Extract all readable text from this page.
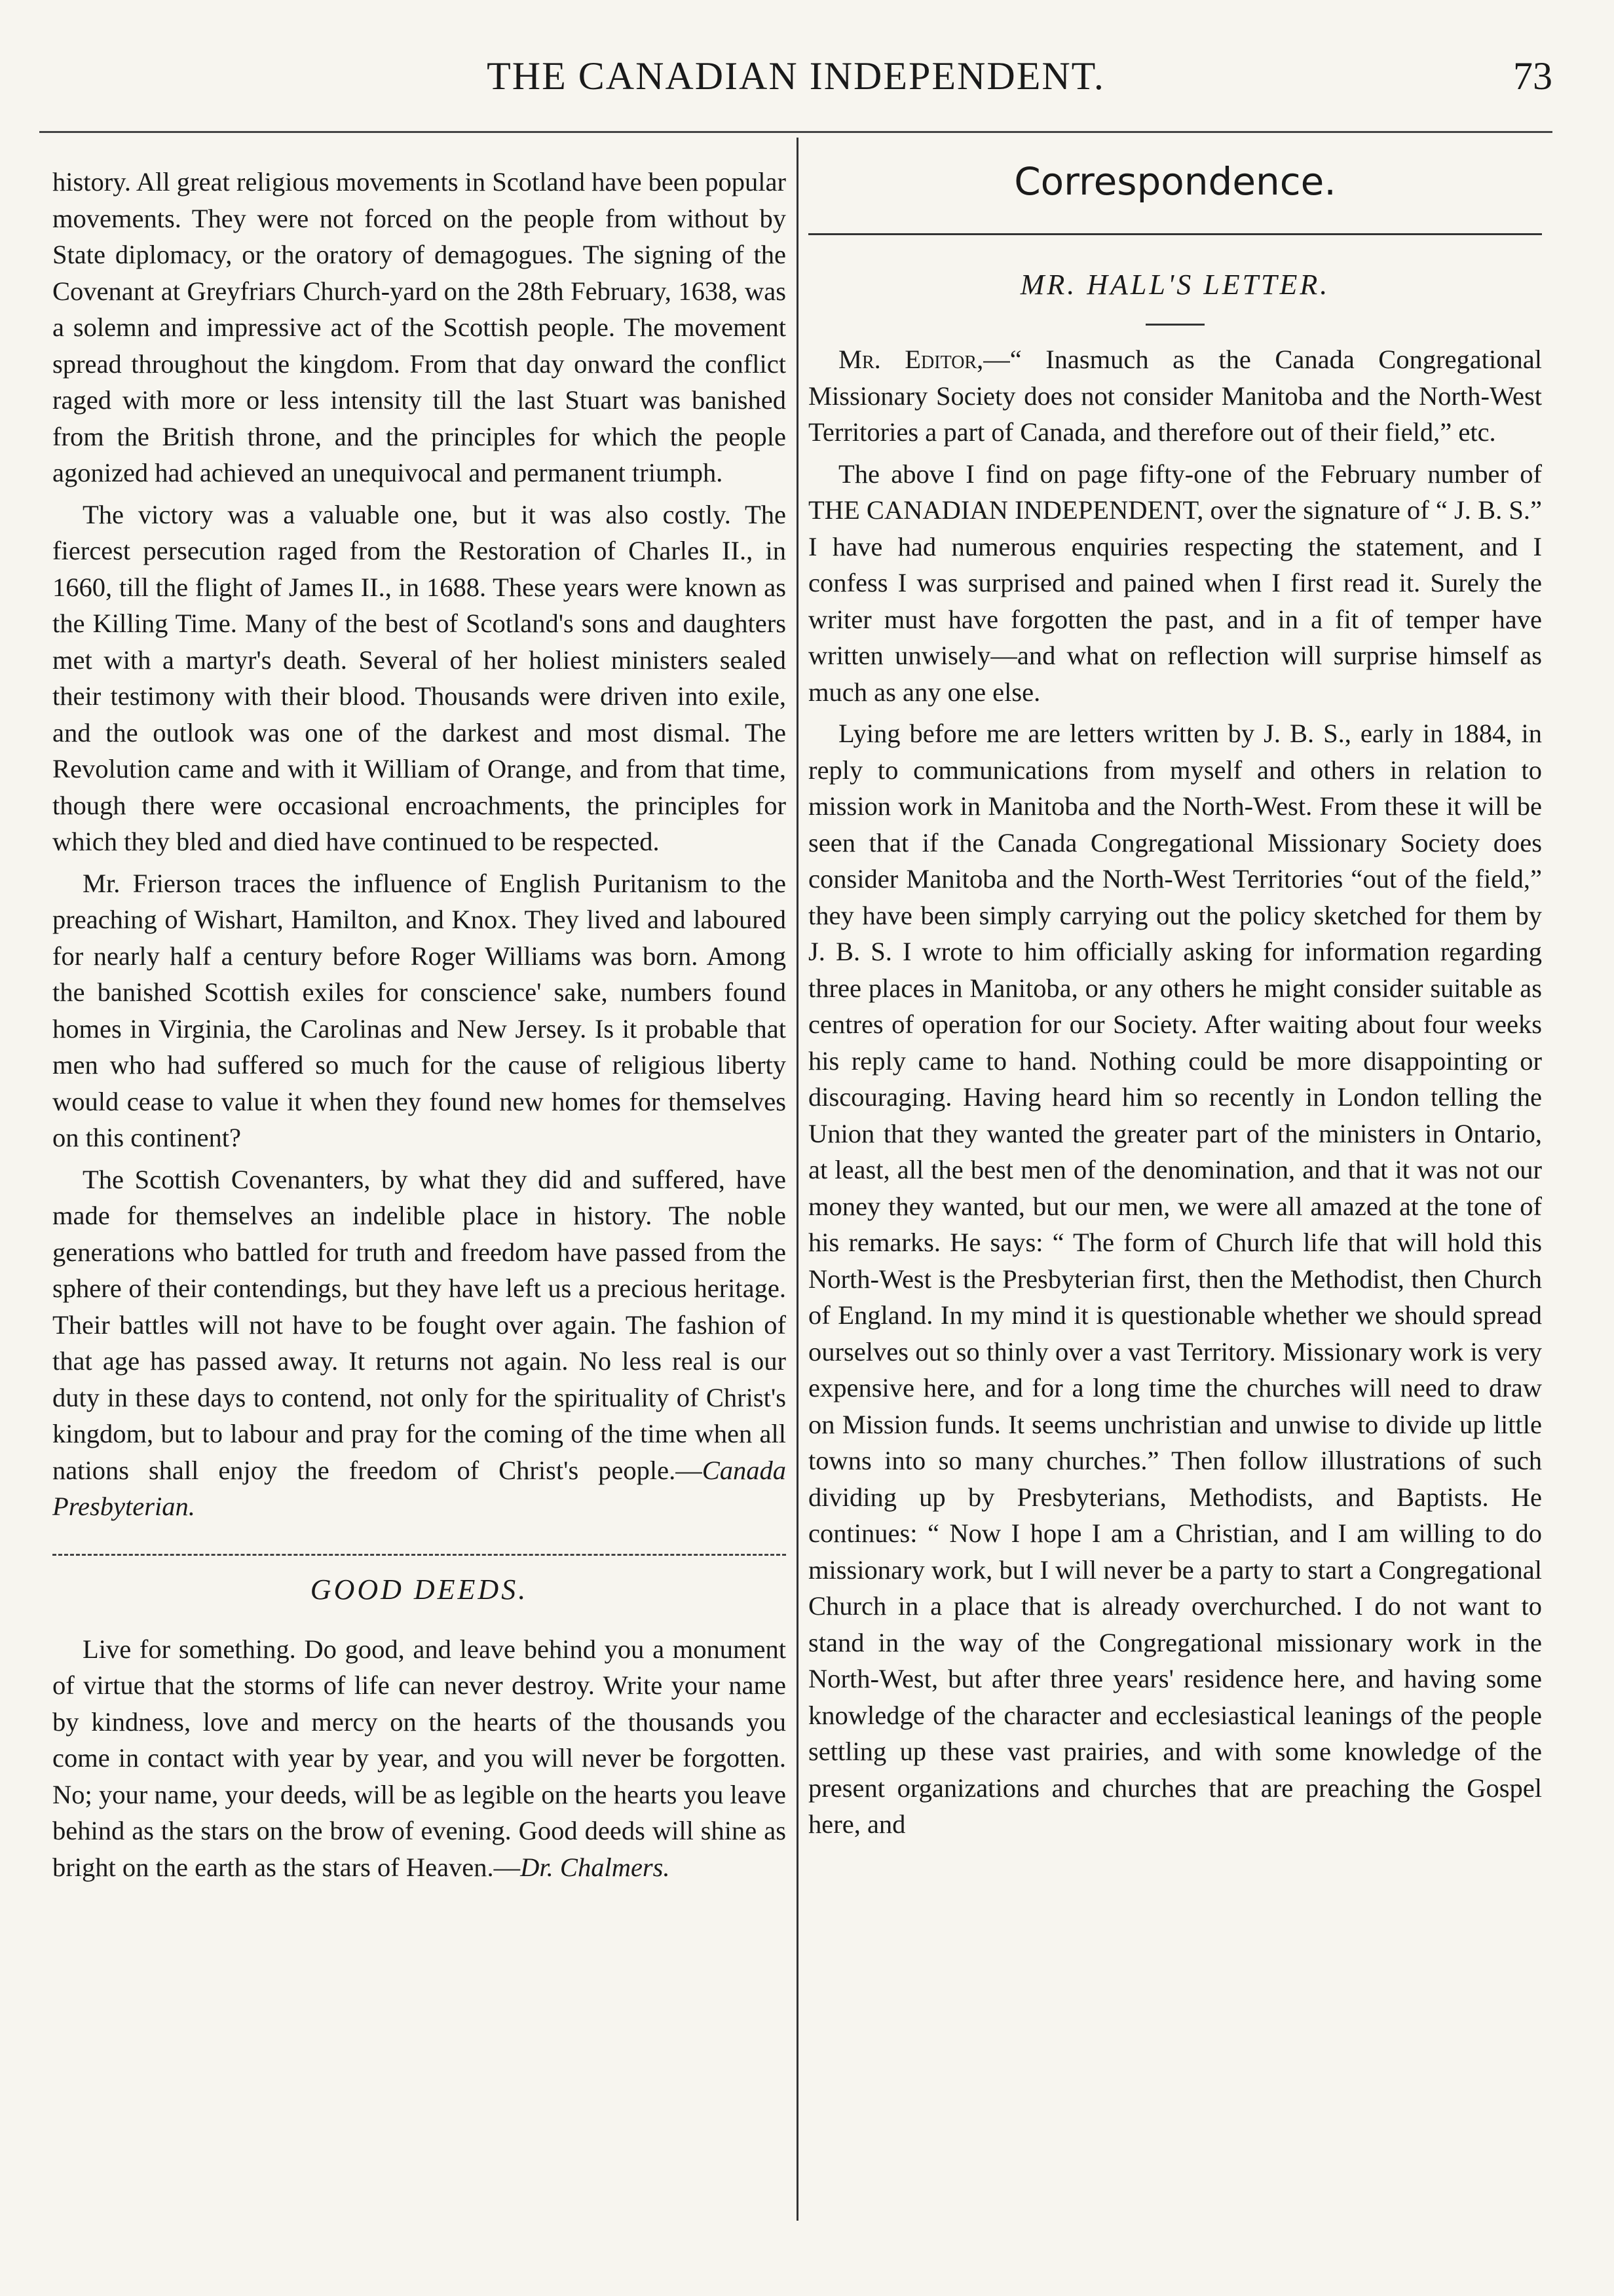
THE CANADIAN INDEPENDENT.	73

history. All great religious movements in Scotland have been popular movements. They were not forced on the people from without by State diplomacy, or the oratory of demagogues. The signing of the Covenant at Greyfriars Church-yard on the 28th February, 1638, was a solemn and impressive act of the Scottish people. The movement spread throughout the kingdom. From that day onward the conflict raged with more or less intensity till the last Stuart was banished from the British throne, and the principles for which the people agonized had achieved an unequivocal and permanent triumph.

The victory was a valuable one, but it was also costly. The fiercest persecution raged from the Restoration of Charles II., in 1660, till the flight of James II., in 1688. These years were known as the Killing Time. Many of the best of Scotland's sons and daughters met with a martyr's death. Several of her holiest ministers sealed their testimony with their blood. Thousands were driven into exile, and the outlook was one of the darkest and most dismal. The Revolution came and with it William of Orange, and from that time, though there were occasional encroachments, the principles for which they bled and died have continued to be respected.

Mr. Frierson traces the influence of English Puritanism to the preaching of Wishart, Hamilton, and Knox. They lived and laboured for nearly half a century before Roger Williams was born. Among the banished Scottish exiles for conscience' sake, numbers found homes in Virginia, the Carolinas and New Jersey. Is it probable that men who had suffered so much for the cause of religious liberty would cease to value it when they found new homes for themselves on this continent?

The Scottish Covenanters, by what they did and suffered, have made for themselves an indelible place in history. The noble generations who battled for truth and freedom have passed from the sphere of their contendings, but they have left us a precious heritage. Their battles will not have to be fought over again. The fashion of that age has passed away. It returns not again. No less real is our duty in these days to contend, not only for the spirituality of Christ's kingdom, but to labour and pray for the coming of the time when all nations shall enjoy the freedom of Christ's people.—Canada Presbyterian.

GOOD DEEDS.

Live for something. Do good, and leave behind you a monument of virtue that the storms of life can never destroy. Write your name by kindness, love and mercy on the hearts of the thousands you come in contact with year by year, and you will never be forgotten. No; your name, your deeds, will be as legible on the hearts you leave behind as the stars on the brow of evening. Good deeds will shine as bright on the earth as the stars of Heaven.—Dr. Chalmers.

Correspondence.
MR. HALL'S LETTER.

Mr. Editor,—“ Inasmuch as the Canada Congregational Missionary Society does not consider Manitoba and the North-West Territories a part of Canada, and therefore out of their field,” etc.

The above I find on page fifty-one of the February number of THE CANADIAN INDEPENDENT, over the signature of “ J. B. S.” I have had numerous enquiries respecting the statement, and I confess I was surprised and pained when I first read it. Surely the writer must have forgotten the past, and in a fit of temper have written unwisely—and what on reflection will surprise himself as much as any one else.

Lying before me are letters written by J. B. S., early in 1884, in reply to communications from myself and others in relation to mission work in Manitoba and the North-West. From these it will be seen that if the Canada Congregational Missionary Society does consider Manitoba and the North-West Territories “out of the field,” they have been simply carrying out the policy sketched for them by J. B. S. I wrote to him officially asking for information regarding three places in Manitoba, or any others he might consider suitable as centres of operation for our Society. After waiting about four weeks his reply came to hand. Nothing could be more disappointing or discouraging. Having heard him so recently in London telling the Union that they wanted the greater part of the ministers in Ontario, at least, all the best men of the denomination, and that it was not our money they wanted, but our men, we were all amazed at the tone of his remarks. He says: “ The form of Church life that will hold this North-West is the Presbyterian first, then the Methodist, then Church of England. In my mind it is questionable whether we should spread ourselves out so thinly over a vast Territory. Missionary work is very expensive here, and for a long time the churches will need to draw on Mission funds. It seems unchristian and unwise to divide up little towns into so many churches.” Then follow illustrations of such dividing up by Presbyterians, Methodists, and Baptists. He continues: “ Now I hope I am a Christian, and I am willing to do missionary work, but I will never be a party to start a Congregational Church in a place that is already overchurched. I do not want to stand in the way of the Congregational missionary work in the North-West, but after three years' residence here, and having some knowledge of the character and ecclesiastical leanings of the people settling up these vast prairies, and with some knowledge of the present organizations and churches that are preaching the Gospel here, and
